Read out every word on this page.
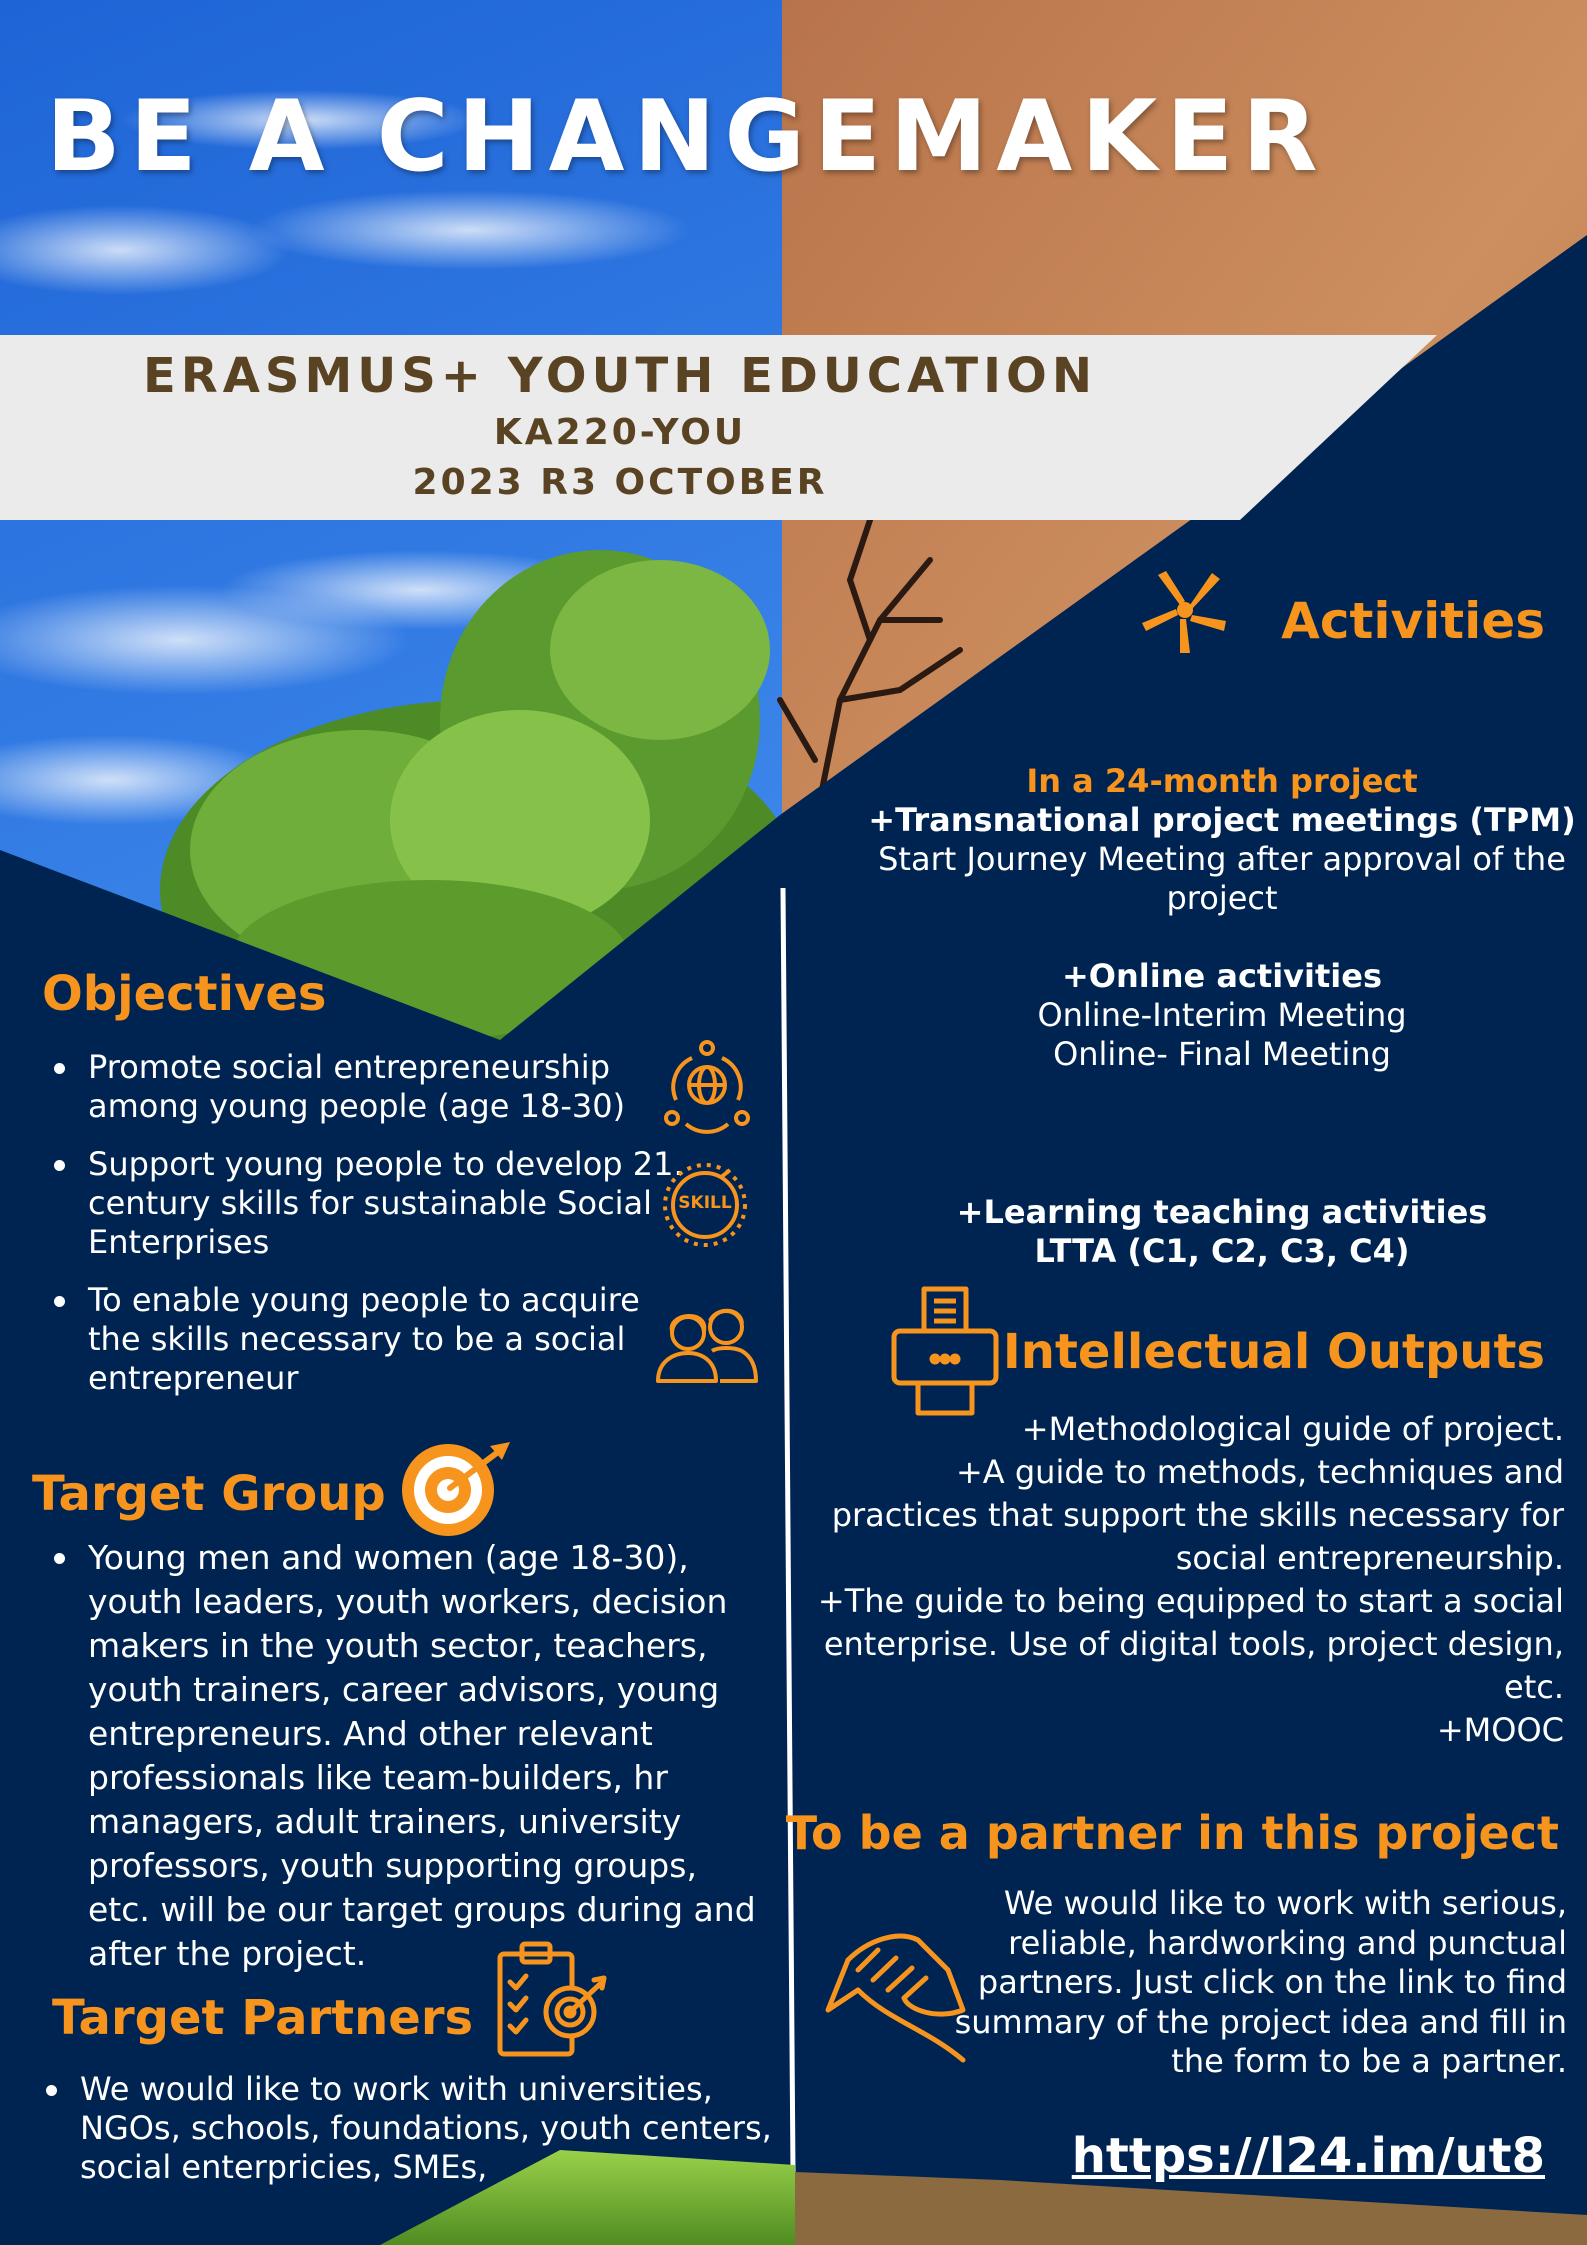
BE A CHANGEMAKER
ERASMUS+ YOUTH EDUCATION
KA220-YOU
2023 R3 OCTOBER
Activities
In a 24-month project
+Transnational project meetings (TPM)
Start Journey Meeting after approval of the
project
+Online activities
Online-Interim Meeting
Online- Final Meeting
+Learning teaching activities
LTTA (C1, C2, C3, C4)
Intellectual Outputs
+Methodological guide of project.
+A guide to methods, techniques and
practices that support the skills necessary for
social entrepreneurship.
+The guide to being equipped to start a social
enterprise. Use of digital tools, project design,
etc.
+MOOC
To be a partner in this project
We would like to work with serious,
reliable, hardworking and punctual
partners. Just click on the link to find
summary of the project idea and fill in
the form to be a partner.
https://l24.im/ut8
Objectives
Promote social entrepreneurship among young people (age 18-30)
Support young people to develop 21. century skills for sustainable Social Enterprises
To enable young people to acquire the skills necessary to be a social entrepreneur
SKILL
Target Group
Young men and women (age 18-30), youth leaders, youth workers, decision makers in the youth sector, teachers, youth trainers, career advisors, young entrepreneurs. And other relevant professionals like team-builders, hr managers, adult trainers, university professors, youth supporting groups, etc. will be our target groups during and after the project.
Target Partners
We would like to work with universities, NGOs, schools, foundations, youth centers, social enterpricies, SMEs,
